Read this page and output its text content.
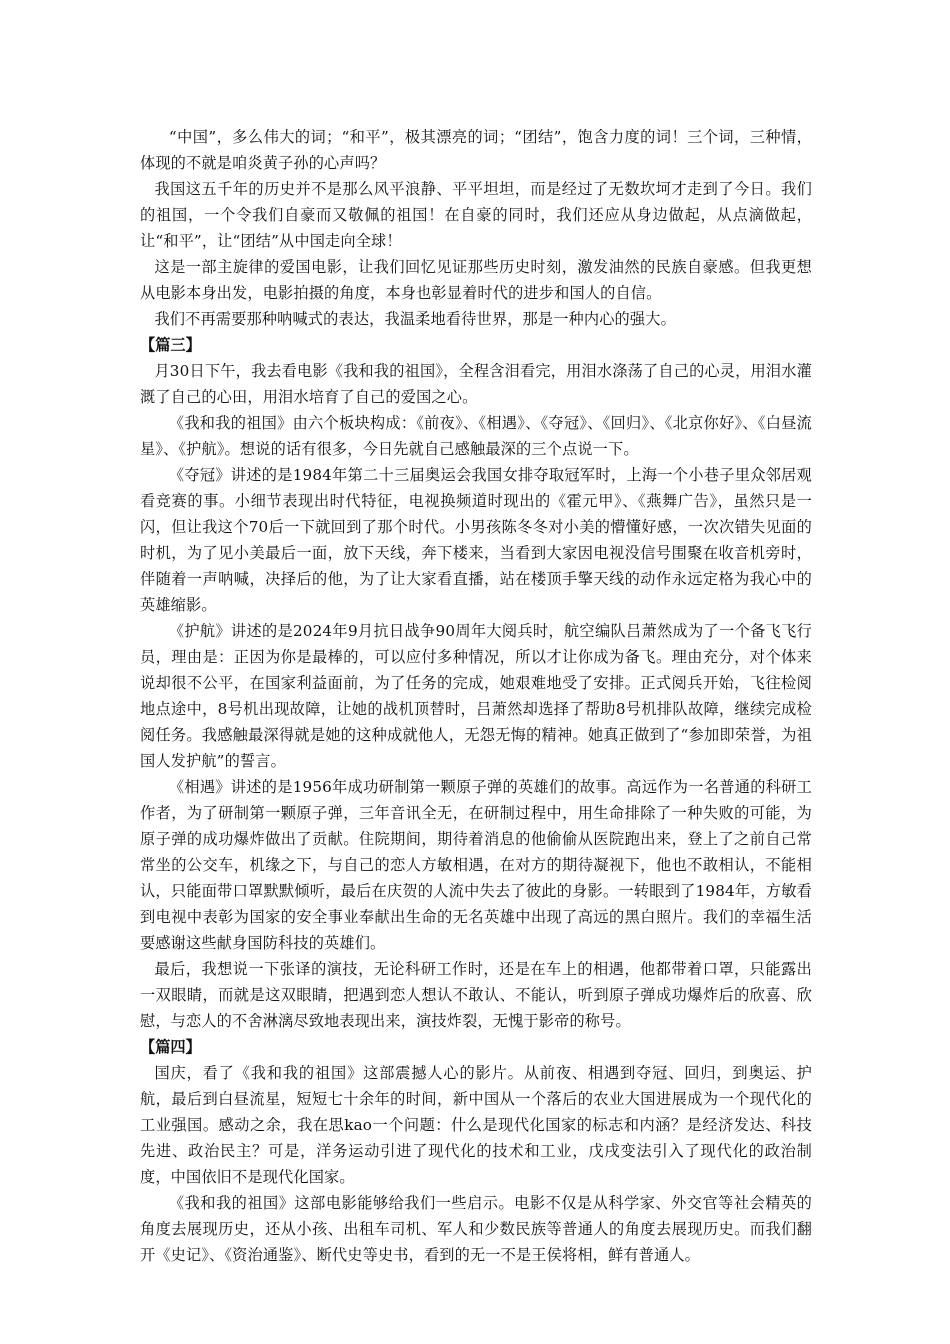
“中国”，多么伟大的词；“和平”，极其漂亮的词；“团结”，饱含力度的词！三个词，三种情，体现的不就是咱炎黄子孙的心声吗？

我国这五千年的历史并不是那么风平浪静、平平坦坦，而是经过了无数坎坷才走到了今日。我们的祖国，一个令我们自豪而又敬佩的祖国！在自豪的同时，我们还应从身边做起，从点滴做起，让“和平”，让“团结”从中国走向全球！

这是一部主旋律的爱国电影，让我们回忆见证那些历史时刻，激发油然的民族自豪感。但我更想从电影本身出发，电影拍摄的角度，本身也彰显着时代的进步和国人的自信。

我们不再需要那种呐喊式的表达，我温柔地看待世界，那是一种内心的强大。

【篇三】

月30日下午，我去看电影《我和我的祖国》，全程含泪看完，用泪水涤荡了自己的心灵，用泪水灌溉了自己的心田，用泪水培育了自己的爱国之心。

《我和我的祖国》由六个板块构成：《前夜》、《相遇》、《夺冠》、《回归》、《北京你好》、《白昼流星》、《护航》。想说的话有很多，今日先就自己感触最深的三个点说一下。

《夺冠》讲述的是1984年第二十三届奥运会我国女排夺取冠军时，上海一个小巷子里众邻居观看竞赛的事。小细节表现出时代特征，电视换频道时现出的《霍元甲》、《燕舞广告》，虽然只是一闪，但让我这个70后一下就回到了那个时代。小男孩陈冬冬对小美的懵懂好感，一次次错失见面的时机，为了见小美最后一面，放下天线，奔下楼来，当看到大家因电视没信号围聚在收音机旁时，伴随着一声呐喊，决择后的他，为了让大家看直播，站在楼顶手擎天线的动作永远定格为我心中的英雄缩影。

《护航》讲述的是2024年9月抗日战争90周年大阅兵时，航空编队吕萧然成为了一个备飞飞行员，理由是：正因为你是最棒的，可以应付多种情况，所以才让你成为备飞。理由充分，对个体来说却很不公平，在国家利益面前，为了任务的完成，她艰难地受了安排。正式阅兵开始，飞往检阅地点途中，8号机出现故障，让她的战机顶替时，吕萧然却选择了帮助8号机排队故障，继续完成检阅任务。我感触最深得就是她的这种成就他人，无怨无悔的精神。她真正做到了“参加即荣誉，为祖国人发护航”的誓言。

《相遇》讲述的是1956年成功研制第一颗原子弹的英雄们的故事。高远作为一名普通的科研工作者，为了研制第一颗原子弹，三年音讯全无，在研制过程中，用生命排除了一种失败的可能，为原子弹的成功爆炸做出了贡献。住院期间，期待着消息的他偷偷从医院跑出来，登上了之前自己常常坐的公交车，机缘之下，与自己的恋人方敏相遇，在对方的期待凝视下，他也不敢相认，不能相认，只能面带口罩默默倾听，最后在庆贺的人流中失去了彼此的身影。一转眼到了1984年，方敏看到电视中表彰为国家的安全事业奉献出生命的无名英雄中出现了高远的黑白照片。我们的幸福生活要感谢这些献身国防科技的英雄们。

最后，我想说一下张译的演技，无论科研工作时，还是在车上的相遇，他都带着口罩，只能露出一双眼睛，而就是这双眼睛，把遇到恋人想认不敢认、不能认，听到原子弹成功爆炸后的欣喜、欣慰，与恋人的不舍淋漓尽致地表现出来，演技炸裂，无愧于影帝的称号。

【篇四】

国庆，看了《我和我的祖国》这部震撼人心的影片。从前夜、相遇到夺冠、回归，到奥运、护航，最后到白昼流星，短短七十余年的时间，新中国从一个落后的农业大国进展成为一个现代化的工业强国。感动之余，我在思kao一个问题：什么是现代化国家的标志和内涵？是经济发达、科技先进、政治民主？可是，洋务运动引进了现代化的技术和工业，戊戌变法引入了现代化的政治制度，中国依旧不是现代化国家。

《我和我的祖国》这部电影能够给我们一些启示。电影不仅是从科学家、外交官等社会精英的角度去展现历史，还从小孩、出租车司机、军人和少数民族等普通人的角度去展现历史。而我们翻开《史记》、《资治通鉴》、断代史等史书，看到的无一不是王侯将相，鲜有普通人。
